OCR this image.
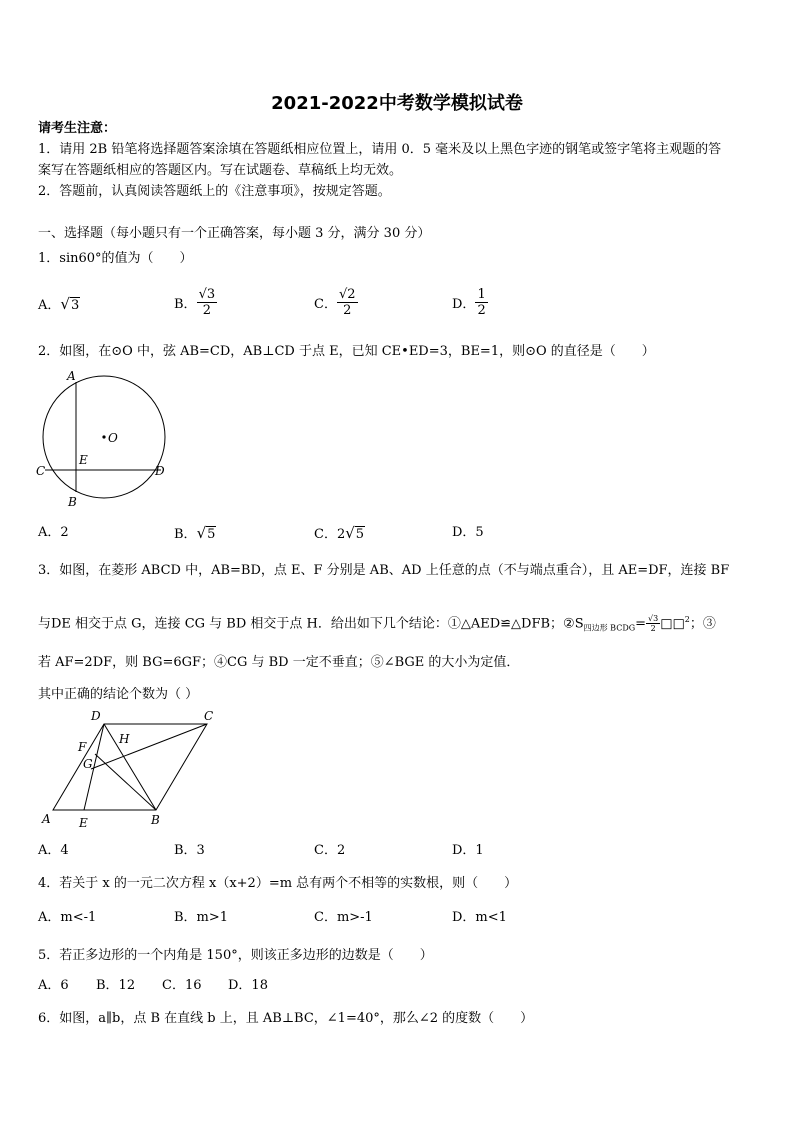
2021-2022中考数学模拟试卷
请考生注意：
1．请用 2B 铅笔将选择题答案涂填在答题纸相应位置上，请用 0．5 毫米及以上黑色字迹的钢笔或签字笔将主观题的答
案写在答题纸相应的答题区内。写在试题卷、草稿纸上均无效。
2．答题前，认真阅读答题纸上的《注意事项》，按规定答题。
一、选择题（每小题只有一个正确答案，每小题 3 分，满分 30 分）
1．sin60°的值为（　　）
A．√3	B． $\frac{√3}{2}$	C． $\frac{√2}{2}$	D． $\frac{1}{2}$
2．如图，在⊙O 中，弦 AB=CD，AB⊥CD 于点 E，已知 CE•ED=3，BE=1，则⊙O 的直径是（　　）
A
B
C	D
E
O
A．2	B．√5	C．2√5	D．5
3．如图，在菱形 ABCD 中，AB=BD，点 E、F 分别是 AB、AD 上任意的点（不与端点重合），且 AE=DF，连接 BF
与DE 相交于点 G，连接 CG 与 BD 相交于点 H．给出如下几个结论：①△AED≌△DFB；$②S_{四边形 BCDG}= \frac{√3}{2}$ □□$^2$；③
若 AF=2DF，则 BG=6GF；④CG 与 BD 一定不垂直；⑤∠BGE 的大小为定值．
其中正确的结论个数为（ ）
A	B
C
D
E
F
G
H
A．4	B．3	C．2	D．1
4．若关于 x 的一元二次方程 x（x+2）=m 总有两个不相等的实数根，则（　　）
A．m<-1	B．m>1	C．m>-1	D．m<1
5．若正多边形的一个内角是 150°，则该正多边形的边数是（　　）
A．6 B．12 C．16 D．18
6．如图，a∥b，点 B 在直线 b 上，且 AB⊥BC，∠1=40°，那么∠2 的度数（　　）
